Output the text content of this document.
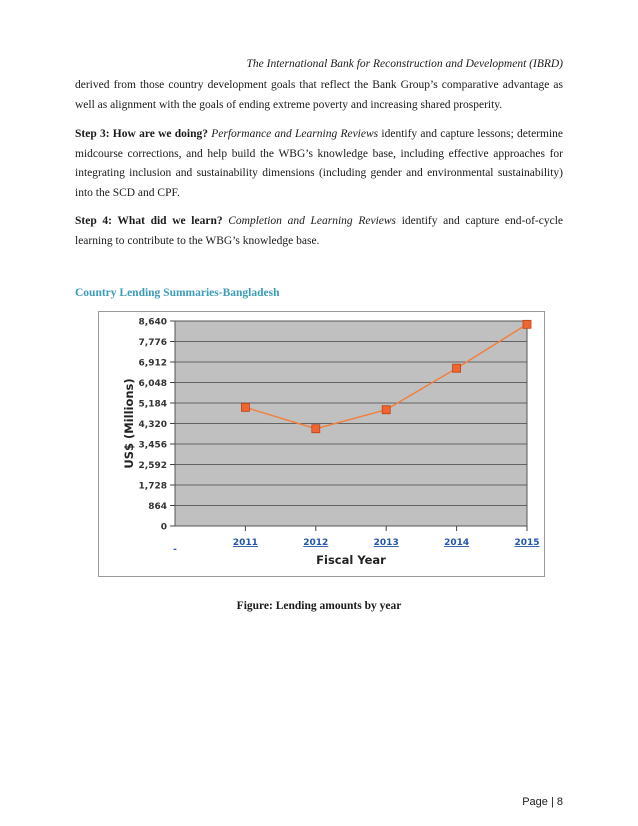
The International Bank for Reconstruction and Development (IBRD)

derived from those country development goals that reflect the Bank Group’s comparative advantage as well as alignment with the goals of ending extreme poverty and increasing shared prosperity.

Step 3: How are we doing? Performance and Learning Reviews identify and capture lessons; determine midcourse corrections, and help build the WBG’s knowledge base, including effective approaches for integrating inclusion and sustainability dimensions (including gender and environmental sustainability) into the SCD and CPF.

Step 4: What did we learn? Completion and Learning Reviews identify and capture end-of-cycle learning to contribute to the WBG’s knowledge base.

Country Lending Summaries-Bangladesh
0
864
1,728
2,592
3,456
4,320
5,184
6,048
6,912
7,776
8,640
-
2011	2012	2013	2014	2015
Fiscal Year
US$ (Millions)
Figure: Lending amounts by year
Page | 8
